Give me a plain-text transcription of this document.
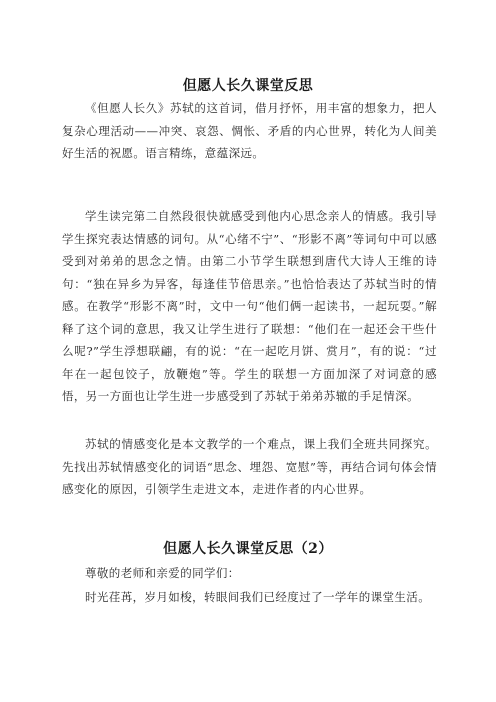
但愿人长久课堂反思
《但愿人长久》苏轼的这首词，借月抒怀，用丰富的想象力，把人复杂心理活动——冲突、哀怨、惆怅、矛盾的内心世界，转化为人间美好生活的祝愿。语言精练，意蕴深远。
学生读完第二自然段很快就感受到他内心思念亲人的情感。我引导学生探究表达情感的词句。从“心绪不宁”、“形影不离”等词句中可以感受到对弟弟的思念之情。由第二小节学生联想到唐代大诗人王维的诗句：“独在异乡为异客，每逢佳节倍思亲。”也恰恰表达了苏轼当时的情感。在教学“形影不离”时，文中一句“他们俩一起读书，一起玩耍。”解释了这个词的意思，我又让学生进行了联想：“他们在一起还会干些什么呢?”学生浮想联翩，有的说：“在一起吃月饼、赏月”，有的说：“过年在一起包饺子，放鞭炮”等。学生的联想一方面加深了对词意的感悟，另一方面也让学生进一步感受到了苏轼于弟弟苏辙的手足情深。
苏轼的情感变化是本文教学的一个难点，课上我们全班共同探究。先找出苏轼情感变化的词语“思念、埋怨、宽慰”等，再结合词句体会情感变化的原因，引领学生走进文本，走进作者的内心世界。
但愿人长久课堂反思（2）
尊敬的老师和亲爱的同学们：
时光荏苒，岁月如梭，转眼间我们已经度过了一学年的课堂生活。
